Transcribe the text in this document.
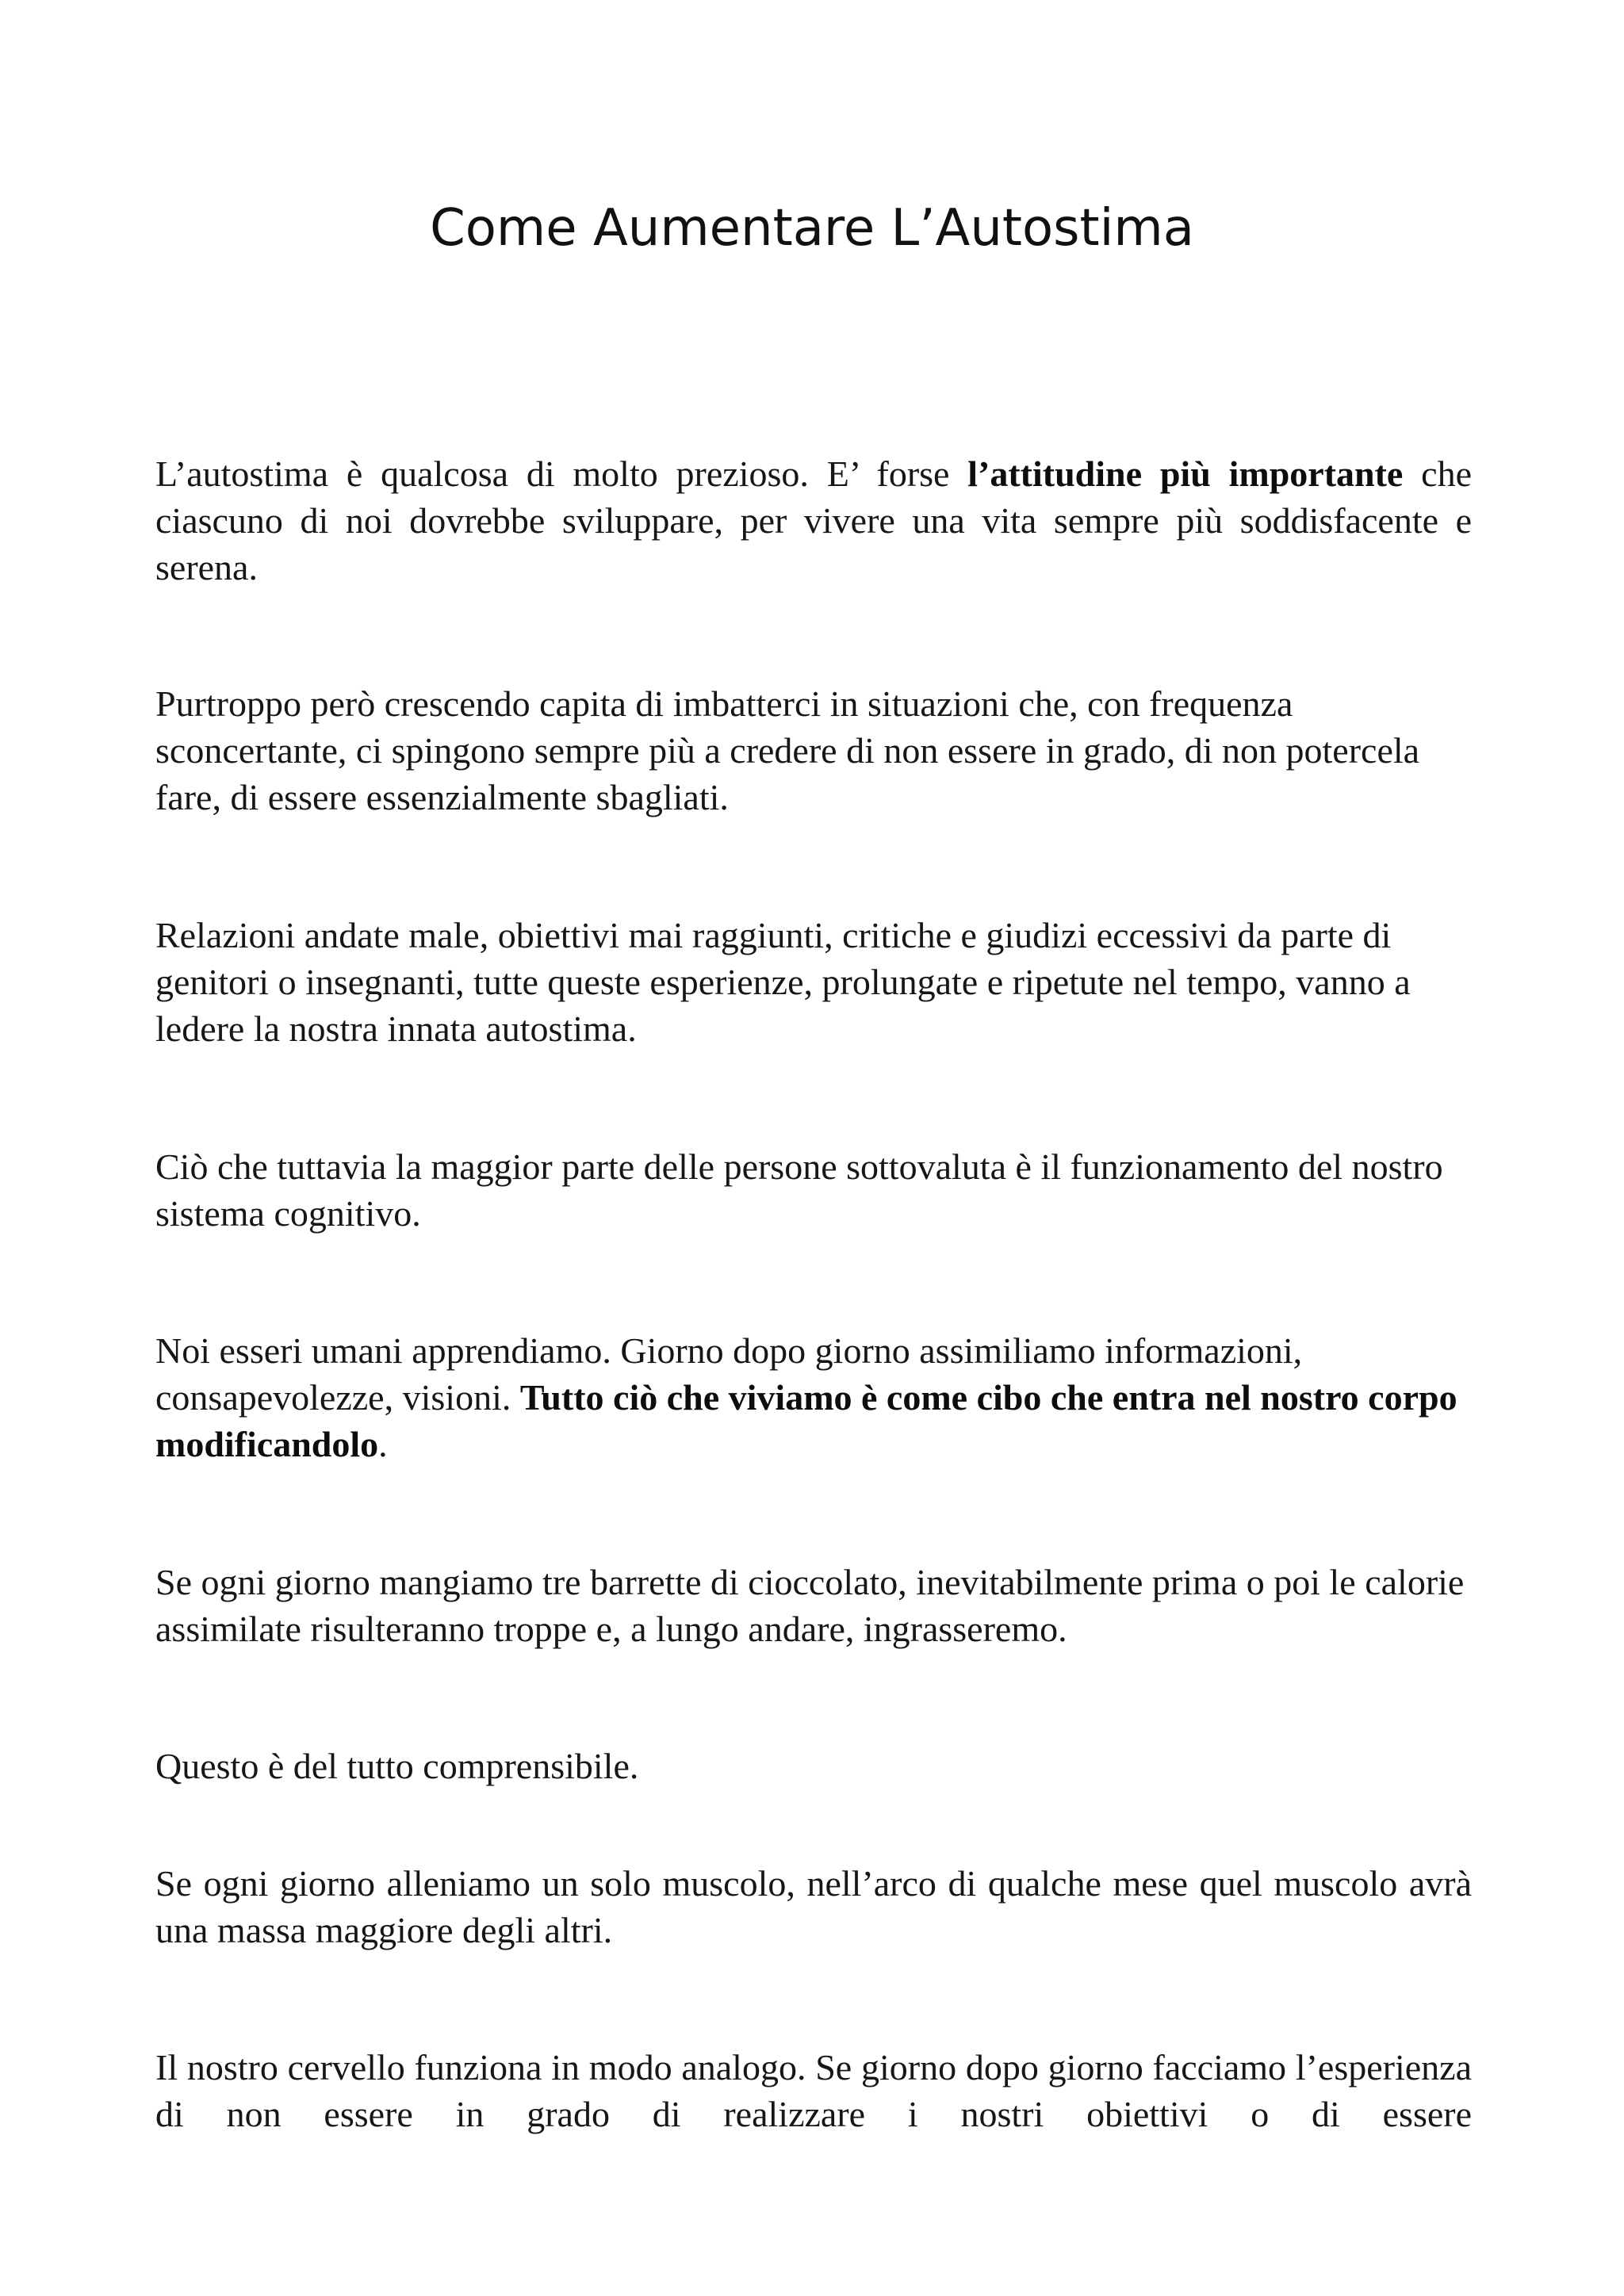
Come Aumentare L’Autostima

L’autostima è qualcosa di molto prezioso. E’ forse l’attitudine più importante che ciascuno di noi dovrebbe sviluppare, per vivere una vita sempre più soddisfacente e serena.

Purtroppo però crescendo capita di imbatterci in situazioni che, con frequenza sconcertante, ci spingono sempre più a credere di non essere in grado, di non potercela fare, di essere essenzialmente sbagliati.

Relazioni andate male, obiettivi mai raggiunti, critiche e giudizi eccessivi da parte di genitori o insegnanti, tutte queste esperienze, prolungate e ripetute nel tempo, vanno a ledere la nostra innata autostima.

Ciò che tuttavia la maggior parte delle persone sottovaluta è il funzionamento del nostro sistema cognitivo.

Noi esseri umani apprendiamo. Giorno dopo giorno assimiliamo informazioni, consapevolezze, visioni. Tutto ciò che viviamo è come cibo che entra nel nostro corpo modificandolo.

Se ogni giorno mangiamo tre barrette di cioccolato, inevitabilmente prima o poi le calorie assimilate risulteranno troppe e, a lungo andare, ingrasseremo.

Questo è del tutto comprensibile.

Se ogni giorno alleniamo un solo muscolo, nell’arco di qualche mese quel muscolo avrà una massa maggiore degli altri.

Il nostro cervello funziona in modo analogo. Se giorno dopo giorno facciamo l’esperienza di non essere in grado di realizzare i nostri obiettivi o di essere
